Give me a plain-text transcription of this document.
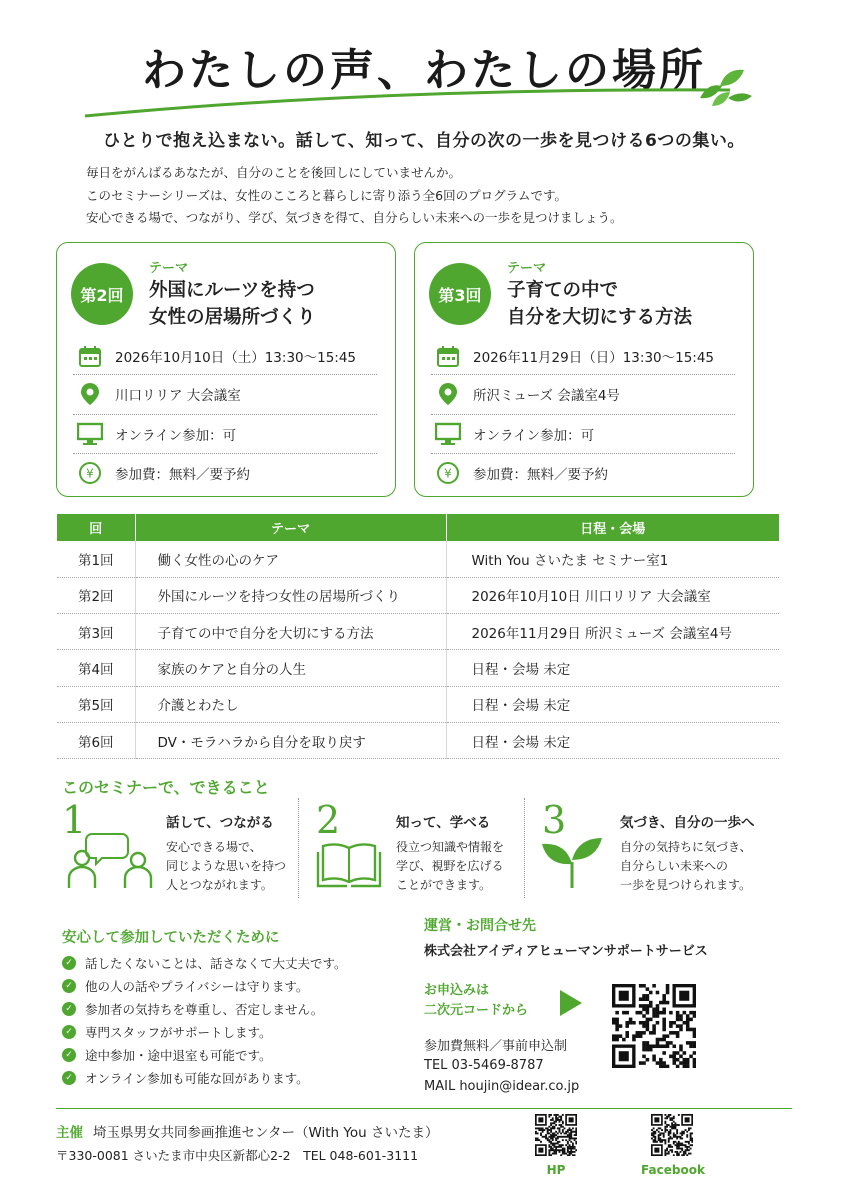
わたしの声、わたしの場所
ひとりで抱え込まない。話して、知って、自分の次の一歩を見つける6つの集い。
毎日をがんばるあなたが、自分のことを後回しにしていませんか。
このセミナーシリーズは、女性のこころと暮らしに寄り添う全6回のプログラムです。
安心できる場で、つながり、学び、気づきを得て、自分らしい未来への一歩を見つけましょう。
第2回
テーマ
外国にルーツを持つ
女性の居場所づくり
2026年10月10日（土）13:30～15:45
川口リリア 大会議室
オンライン参加：可
¥ 参加費：無料／要予約
第3回
テーマ
子育ての中で
自分を大切にする方法
2026年11月29日（日）13:30～15:45
所沢ミューズ 会議室4号
オンライン参加：可
¥ 参加費：無料／要予約
回	テーマ	日程・会場
第1回	働く女性の心のケア	With You さいたま セミナー室1
第2回	外国にルーツを持つ女性の居場所づくり	2026年10月10日 川口リリア 大会議室
第3回	子育ての中で自分を大切にする方法	2026年11月29日 所沢ミューズ 会議室4号
第4回	家族のケアと自分の人生	日程・会場 未定
第5回	介護とわたし	日程・会場 未定
第6回	DV・モラハラから自分を取り戻す	日程・会場 未定
このセミナーで、できること
1	話して、つながる
安心できる場で、
同じような思いを持つ
人とつながれます。
2	知って、学べる
役立つ知識や情報を
学び、視野を広げる
ことができます。
3	気づき、自分の一歩へ
自分の気持ちに気づき、
自分らしい未来への
一歩を見つけられます。
安心して参加していただくために
✓ 話したくないことは、話さなくて大丈夫です。
✓ 他の人の話やプライバシーは守ります。
✓ 参加者の気持ちを尊重し、否定しません。
✓ 専門スタッフがサポートします。
✓ 途中参加・途中退室も可能です。
✓ オンライン参加も可能な回があります。
運営・お問合せ先
株式会社アイディアヒューマンサポートサービス
お申込みは
二次元コードから
参加費無料／事前申込制
TEL 03-5469-8787
MAIL houjin@idear.co.jp
主催 埼玉県男女共同参画推進センター（With You さいたま）
〒330-0081 さいたま市中央区新都心2-2　TEL 048-601-3111
HP	Facebook
